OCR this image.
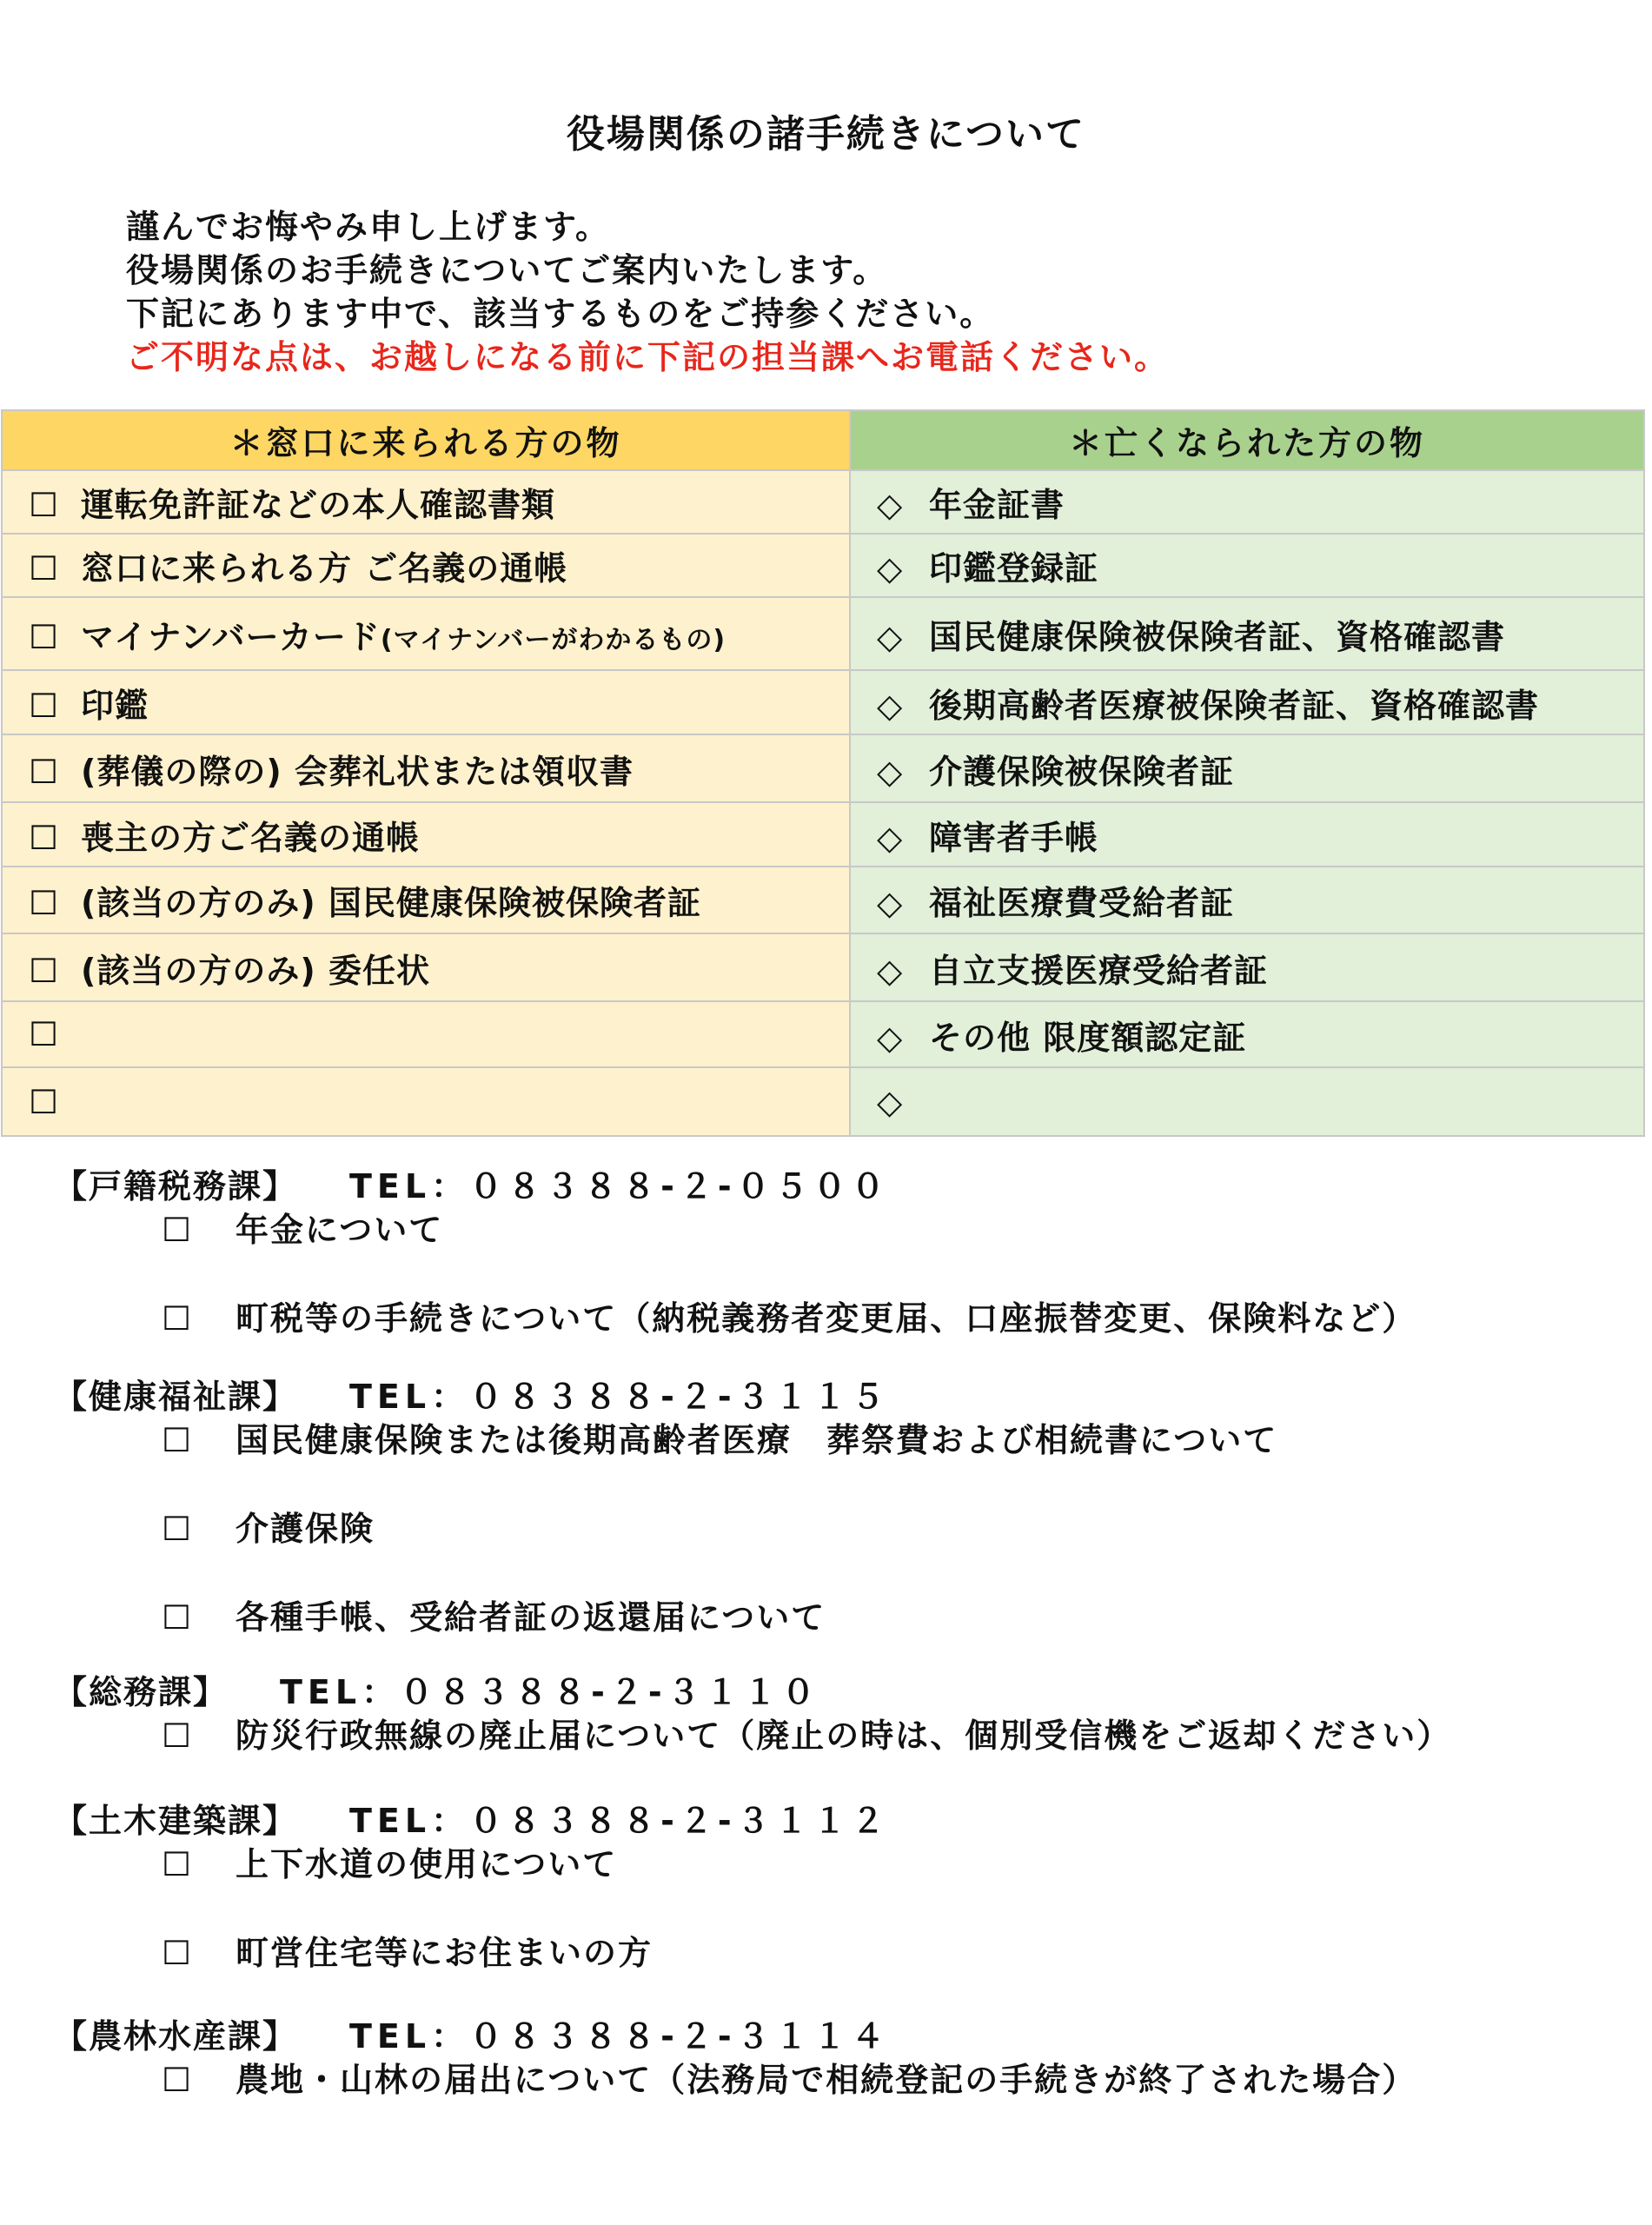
役場関係の諸手続きについて
謹んでお悔やみ申し上げます。
役場関係のお手続きについてご案内いたします。
下記にあります中で、該当するものをご持参ください。
ご不明な点は、お越しになる前に下記の担当課へお電話ください。
＊窓口に来られる方の物	＊亡くなられた方の物
☐ 運転免許証などの本人確認書類	◇ 年金証書
☐ 窓口に来られる方 ご名義の通帳	◇ 印鑑登録証
☐ マイナンバーカード(マイナンバーがわかるもの)	◇ 国民健康保険被保険者証、資格確認書
☐ 印鑑	◇ 後期高齢者医療被保険者証、資格確認書
☐ (葬儀の際の) 会葬礼状または領収書	◇ 介護保険被保険者証
☐ 喪主の方ご名義の通帳	◇ 障害者手帳
☐ (該当の方のみ) 国民健康保険被保険者証	◇ 福祉医療費受給者証
☐ (該当の方のみ) 委任状	◇ 自立支援医療受給者証
☐	◇ その他 限度額認定証
☐	◇
【戸籍税務課】 TEL：０８３８８-２-０５００
☐ 年金について
☐ 町税等の手続きについて（納税義務者変更届、口座振替変更、保険料など）
【健康福祉課】 TEL：０８３８８-２-３１１５
☐ 国民健康保険または後期高齢者医療　葬祭費および相続書について
☐ 介護保険
☐ 各種手帳、受給者証の返還届について
【総務課】 TEL：０８３８８-２-３１１０
☐ 防災行政無線の廃止届について（廃止の時は、個別受信機をご返却ください）
【土木建築課】 TEL：０８３８８-２-３１１２
☐ 上下水道の使用について
☐ 町営住宅等にお住まいの方
【農林水産課】 TEL：０８３８８-２-３１１４
☐ 農地・山林の届出について（法務局で相続登記の手続きが終了された場合）
